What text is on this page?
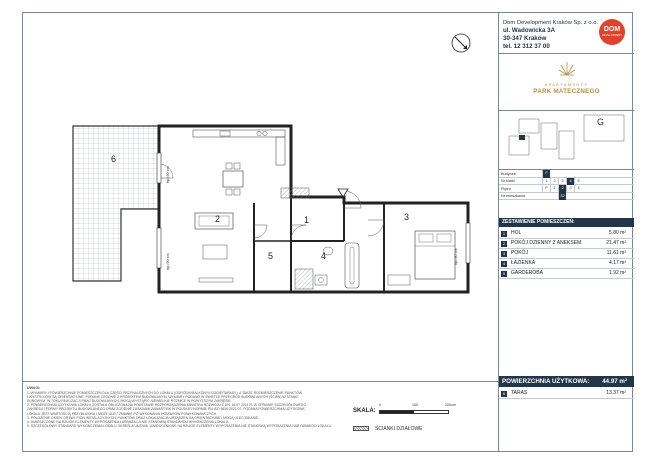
hp=90 cm
hp=90 cm	hp=90 cm
6
2	1	3
5	4
UWAGI:
1. WYMIARY I POWIERZCHNIE POMIESZCZEŃ DLA CZĘŚCI PRZYNALEŻNYCH DO LOKALU (OGRÓDKI/BALKONY/LOGGIE/TARASY), A TAKŻE ROZMIESZCZENIE PUNKTÓW
I WYSTROJÓW SĄ ORIENTACYJNE. PODANE ZGODNIE Z PROJEKTEM BUDOWLANYM. WYMIARY PODANO W ŚWIETLE PRZEGRÓD BUDOWLANYCH (ŚCIAN) W STANIE
SUROWYM. W TOKU REALIZACJI PRAC BUDOWLANYCH, MOGĄ WYSTĄPIĆ NIEWIELKIE RÓŻNICE W POWYŻSZYM ZAKRESIE.
2. POWIERZCHNIA UŻYTKOWA LOKALU ZOSTAŁA OBLICZONA NA PODSTAWIE ROZPORZĄDZENIA MINISTRA ROZWOJU Z DN. 16.07.2021 R. W SPRAWIE SZCZEGÓŁOWEGO
ZAKRESU I FORMY PROJEKTU BUDOWLANEGO ORAZ ZGODNIE ZASADAMI ZAWARTYMI W POLSKIEJ NORMIE PN-ISO 9836:2022-07. PODANA POWIERZCHNIA UŻYTKOWA
LOKALU JEST WARTOŚCIĄ PRZYBLIŻONĄ I MOŻE ULEC ZMIANIE PO WYKONANIU POMIARÓW POWYKONAWCZYCH.
3. POŁOŻENIE OKIEN, DRZWI, PION INSTALACYJNYCH, PUNKTÓW ORAZ LOKALIZACJA URZĄDZEŃ SĄ ORIENTACYJNE I MOGĄ ULEC ZMIANIE.
4. UMIESZCZONE NA RZUCIE ELEMENTY WYPOSAŻENIA I ARANŻACJI NIE STANOWIĄ STANDARDU WYKOŃCZENIA LOKALU.
5. SZCZEGÓŁOWY STANDARD WYKOŃCZENIA LOKALU OKREŚLA UMOWA. UWIDOCZNIONE NA RZUCIE ELEMENTY WYPOSAŻENIA NIE STANOWIĄ WYPOSAŻENIA NABYWANEGO LOKALU.
SKALA:
0	100	200cm
ŚCIANKI DZIAŁOWE
Dom Development Kraków Sp. z o.o.
ul. Wadowicka 3A
30-347 Kraków
tel. 12 312 37 00
DOM
DEVELOPMENT
APARTAMENTY
PARK MATECZNEGO
G
Budynek	F
Nr klatki	1	2	3	4	5
Piętro	P	1	2	3	4
Nr mieszkania	32
ZESTAWIENIE POMIESZCZEŃ:
1	HOL	5.80 m²
2	POKÓJ DZIENNY Z ANEKSEM	21.47 m²
3	POKÓJ	11.61 m²
4	ŁAZIENKA	4.17 m²
5	GARDEROBA	1.92 m²
POWIERZCHNIA UŻYTKOWA: 44.97 m²
6	TARAS	13.37 m²
